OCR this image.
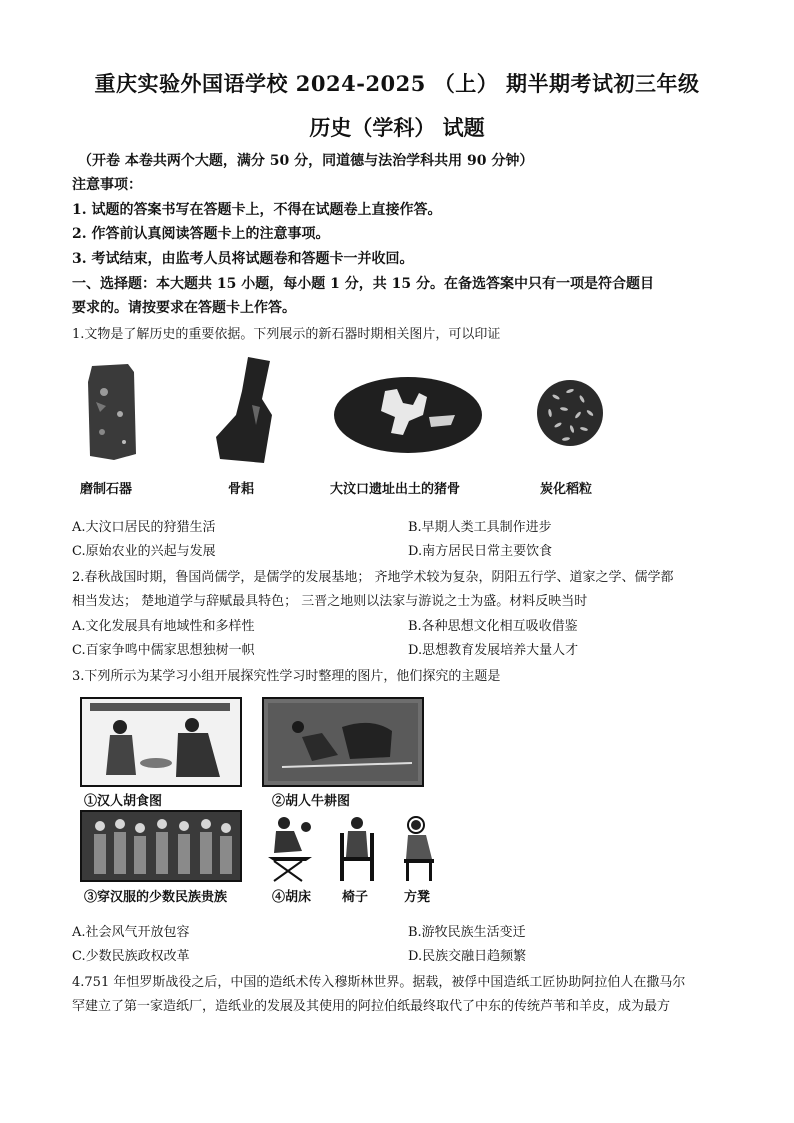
重庆实验外国语学校 2024-2025 （上） 期半期考试初三年级
历史（学科） 试题
（开卷 本卷共两个大题，满分 50 分，同道德与法治学科共用 90 分钟）
注意事项：
1. 试题的答案书写在答题卡上，不得在试题卷上直接作答。
2. 作答前认真阅读答题卡上的注意事项。
3. 考试结束，由监考人员将试题卷和答题卡一并收回。
一、选择题：本大题共 15 小题，每小题 1 分，共 15 分。在备选答案中只有一项是符合题目
要求的。请按要求在答题卡上作答。
1.文物是了解历史的重要依据。下列展示的新石器时期相关图片，可以印证
磨制石器	骨耜	大汶口遗址出土的猪骨	炭化稻粒
A.大汶口居民的狩猎生活	B.早期人类工具制作进步
C.原始农业的兴起与发展	D.南方居民日常主要饮食
2.春秋战国时期，鲁国尚儒学，是儒学的发展基地； 齐地学术较为复杂，阴阳五行学、道家之学、儒学都
相当发达； 楚地道学与辞赋最具特色； 三晋之地则以法家与游说之士为盛。材料反映当时
A.文化发展具有地域性和多样性	B.各种思想文化相互吸收借鉴
C.百家争鸣中儒家思想独树一帜	D.思想教育发展培养大量人才
3.下列所示为某学习小组开展探究性学习时整理的图片，他们探究的主题是
①汉人胡食图	②胡人牛耕图
③穿汉服的少数民族贵族	④胡床 椅子	方凳
A.社会风气开放包容	B.游牧民族生活变迁
C.少数民族政权改革	D.民族交融日趋频繁
4.751 年怛罗斯战役之后，中国的造纸术传入穆斯林世界。据载，被俘中国造纸工匠协助阿拉伯人在撒马尔
罕建立了第一家造纸厂，造纸业的发展及其使用的阿拉伯纸最终取代了中东的传统芦苇和羊皮，成为最方
